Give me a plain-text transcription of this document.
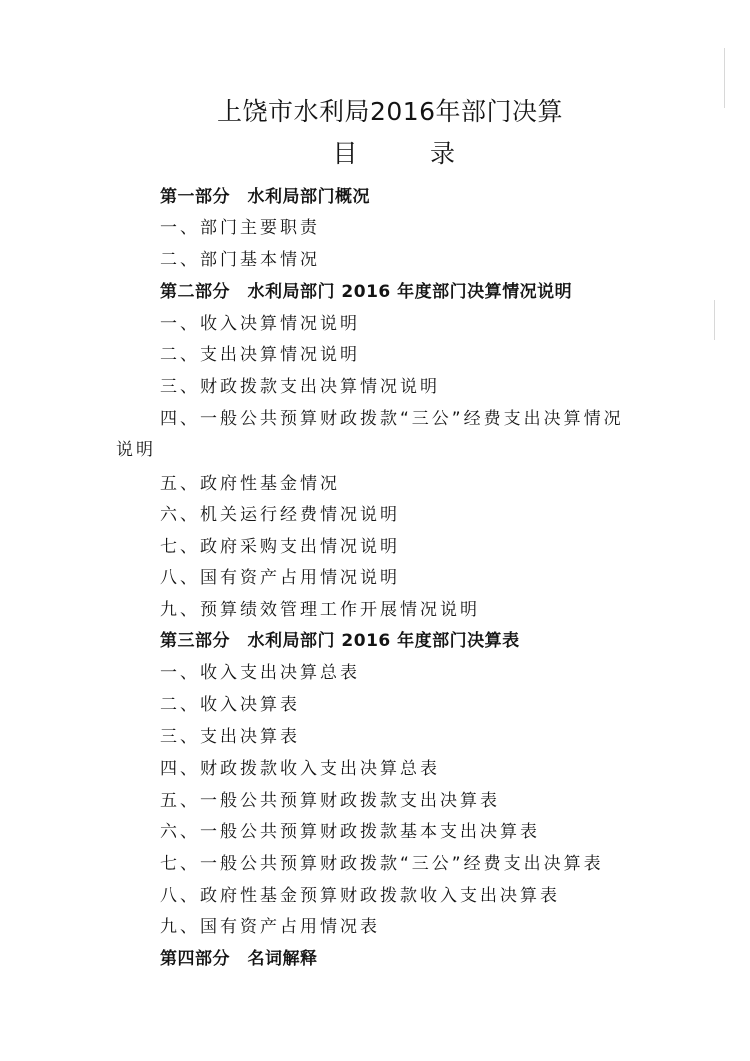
上饶市水利局2016年部门决算
目	录
第一部分　水利局部门概况
一、部门主要职责
二、部门基本情况
第二部分　水利局部门 2016 年度部门决算情况说明
一、收入决算情况说明
二、支出决算情况说明
三、财政拨款支出决算情况说明
四、一般公共预算财政拨款“三公”经费支出决算情况
说明
五、政府性基金情况
六、机关运行经费情况说明
七、政府采购支出情况说明
八、国有资产占用情况说明
九、预算绩效管理工作开展情况说明
第三部分　水利局部门 2016 年度部门决算表
一、收入支出决算总表
二、收入决算表
三、支出决算表
四、财政拨款收入支出决算总表
五、一般公共预算财政拨款支出决算表
六、一般公共预算财政拨款基本支出决算表
七、一般公共预算财政拨款“三公”经费支出决算表
八、政府性基金预算财政拨款收入支出决算表
九、国有资产占用情况表
第四部分　名词解释
